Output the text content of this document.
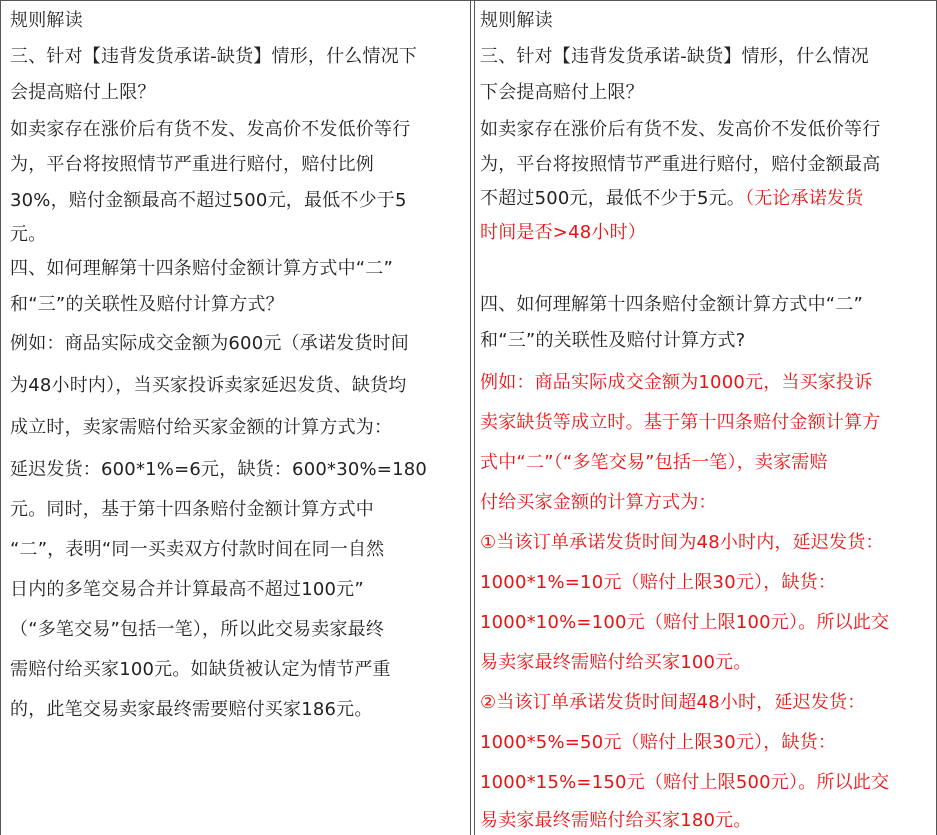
规则解读
三、针对【违背发货承诺-缺货】情形，什么情况下
会提高赔付上限？
如卖家存在涨价后有货不发、发高价不发低价等行
为，平台将按照情节严重进行赔付，赔付比例
30%，赔付金额最高不超过500元，最低不少于5
元。
四、如何理解第十四条赔付金额计算方式中“二”
和“三”的关联性及赔付计算方式？
例如：商品实际成交金额为600元（承诺发货时间
为48小时内），当买家投诉卖家延迟发货、缺货均
成立时，卖家需赔付给买家金额的计算方式为：
延迟发货：600*1%=6元，缺货：600*30%=180
元。同时，基于第十四条赔付金额计算方式中
“二”，表明“同一买卖双方付款时间在同一自然
日内的多笔交易合并计算最高不超过100元”
（“多笔交易”包括一笔），所以此交易卖家最终
需赔付给买家100元。如缺货被认定为情节严重
的，此笔交易卖家最终需要赔付买家186元。
规则解读
三、针对【违背发货承诺-缺货】情形，什么情况
下会提高赔付上限？
如卖家存在涨价后有货不发、发高价不发低价等行
为，平台将按照情节严重进行赔付，赔付金额最高
不超过500元，最低不少于5元。（无论承诺发货
时间是否>48小时）
四、如何理解第十四条赔付金额计算方式中“二”
和“三”的关联性及赔付计算方式?
例如：商品实际成交金额为1000元，当买家投诉
卖家缺货等成立时。基于第十四条赔付金额计算方
式中“二”（“多笔交易”包括一笔），卖家需赔
付给买家金额的计算方式为：
①当该订单承诺发货时间为48小时内，延迟发货：
1000*1%=10元（赔付上限30元），缺货：
1000*10%=100元（赔付上限100元）。所以此交
易卖家最终需赔付给买家100元。
②当该订单承诺发货时间超48小时，延迟发货：
1000*5%=50元（赔付上限30元），缺货：
1000*15%=150元（赔付上限500元）。所以此交
易卖家最终需赔付给买家180元。
